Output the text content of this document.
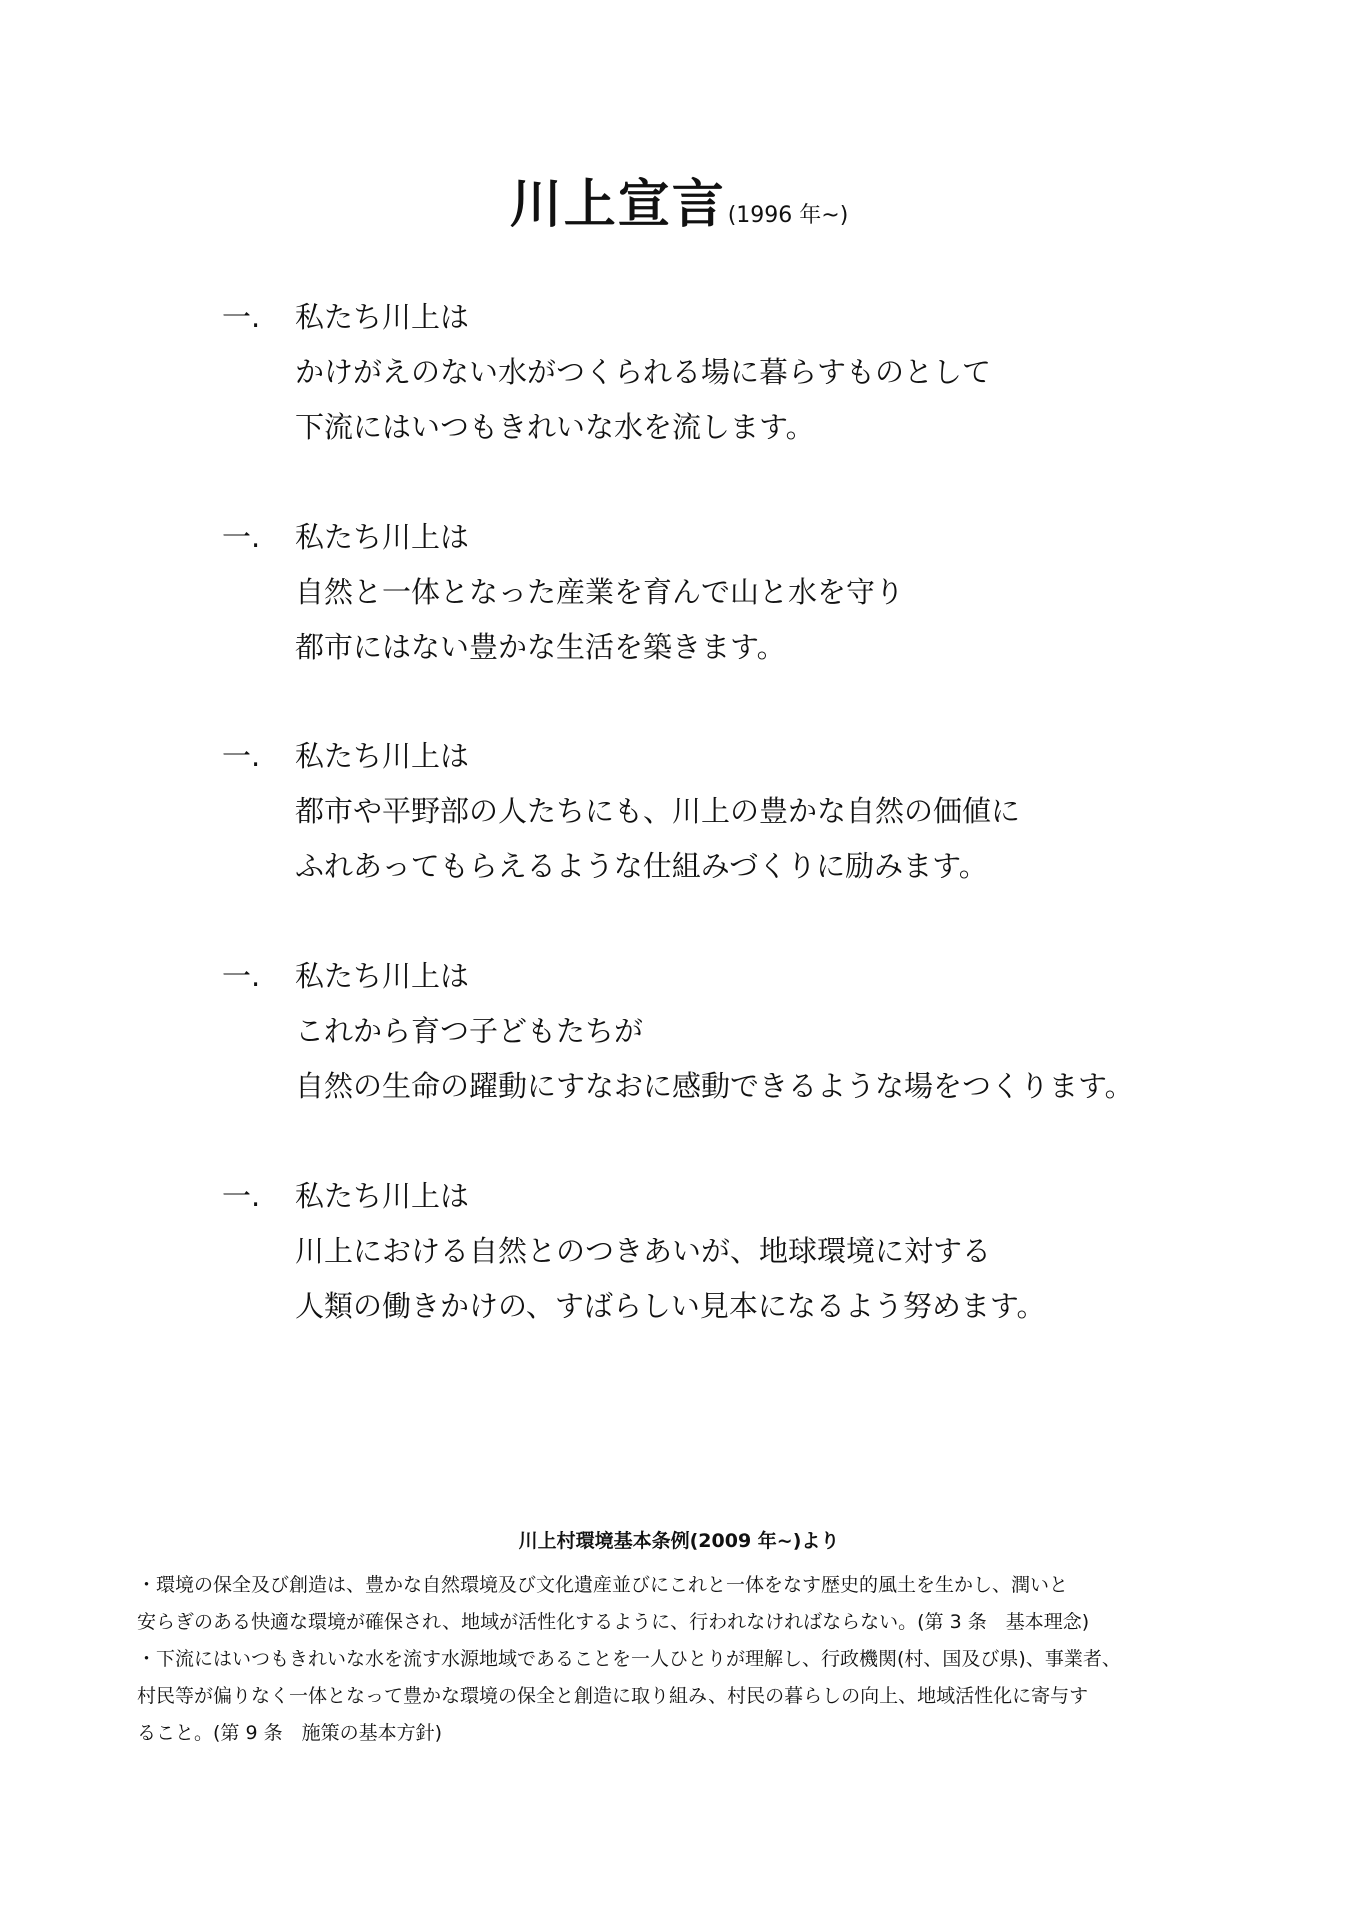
川上宣言(1996 年~)
一. 私たち川上は
かけがえのない水がつくられる場に暮らすものとして
下流にはいつもきれいな水を流します。
一. 私たち川上は
自然と一体となった産業を育んで山と水を守り
都市にはない豊かな生活を築きます。
一. 私たち川上は
都市や平野部の人たちにも、川上の豊かな自然の価値に
ふれあってもらえるような仕組みづくりに励みます。
一. 私たち川上は
これから育つ子どもたちが
自然の生命の躍動にすなおに感動できるような場をつくります。
一. 私たち川上は
川上における自然とのつきあいが、地球環境に対する
人類の働きかけの、すばらしい見本になるよう努めます。
川上村環境基本条例(2009 年~)より
・環境の保全及び創造は、豊かな自然環境及び文化遺産並びにこれと一体をなす歴史的風土を生かし、潤いと
安らぎのある快適な環境が確保され、地域が活性化するように、行われなければならない。(第 3 条　基本理念)
・下流にはいつもきれいな水を流す水源地域であることを一人ひとりが理解し、行政機関(村、国及び県)、事業者、
村民等が偏りなく一体となって豊かな環境の保全と創造に取り組み、村民の暮らしの向上、地域活性化に寄与す
ること。(第 9 条　施策の基本方針)
